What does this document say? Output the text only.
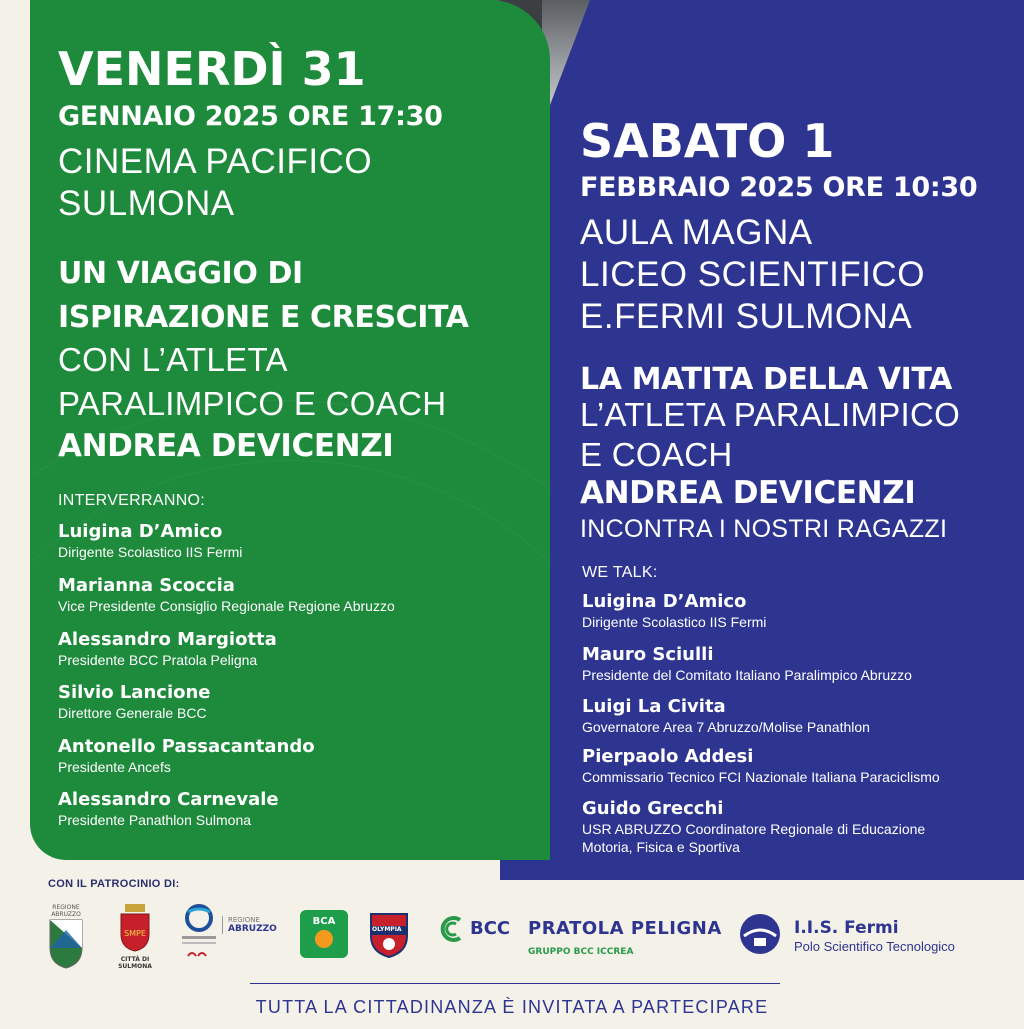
VENERDÌ 31
GENNAIO 2025 ORE 17:30
CINEMA PACIFICO
SULMONA
UN VIAGGIO DI
ISPIRAZIONE E CRESCITA
CON L’ATLETA
PARALIMPICO E COACH
ANDREA DEVICENZI
INTERVERRANNO:
Luigina D’Amico
Dirigente Scolastico IIS Fermi
Marianna Scoccia
Vice Presidente Consiglio Regionale Regione Abruzzo
Alessandro Margiotta
Presidente BCC Pratola Peligna
Silvio Lancione
Direttore Generale BCC
Antonello Passacantando
Presidente Ancefs
Alessandro Carnevale
Presidente Panathlon Sulmona
SABATO 1
FEBBRAIO 2025 ORE 10:30
AULA MAGNA
LICEO SCIENTIFICO
E.FERMI SULMONA
LA MATITA DELLA VITA
L’ATLETA PARALIMPICO
E COACH
ANDREA DEVICENZI
INCONTRA I NOSTRI RAGAZZI
WE TALK:
Luigina D’Amico
Dirigente Scolastico IIS Fermi
Mauro Sciulli
Presidente del Comitato Italiano Paralimpico Abruzzo
Luigi La Civita
Governatore Area 7 Abruzzo/Molise Panathlon
Pierpaolo Addesi
Commissario Tecnico FCI Nazionale Italiana Paraciclismo
Guido Grecchi
USR ABRUZZO Coordinatore Regionale di Educazione
Motoria, Fisica e Sportiva
CON IL PATROCINIO DI:
REGIONE ABRUZZO
SMPE
CITTÀ DI SULMONA
REGIONE
ABRUZZO
BCA
OLYMPIA	BCC PRATOLA PELIGNA
GRUPPO BCC ICCREA
I.I.S. Fermi
Polo Scientifico Tecnologico
TUTTA LA CITTADINANZA È INVITATA A PARTECIPARE
